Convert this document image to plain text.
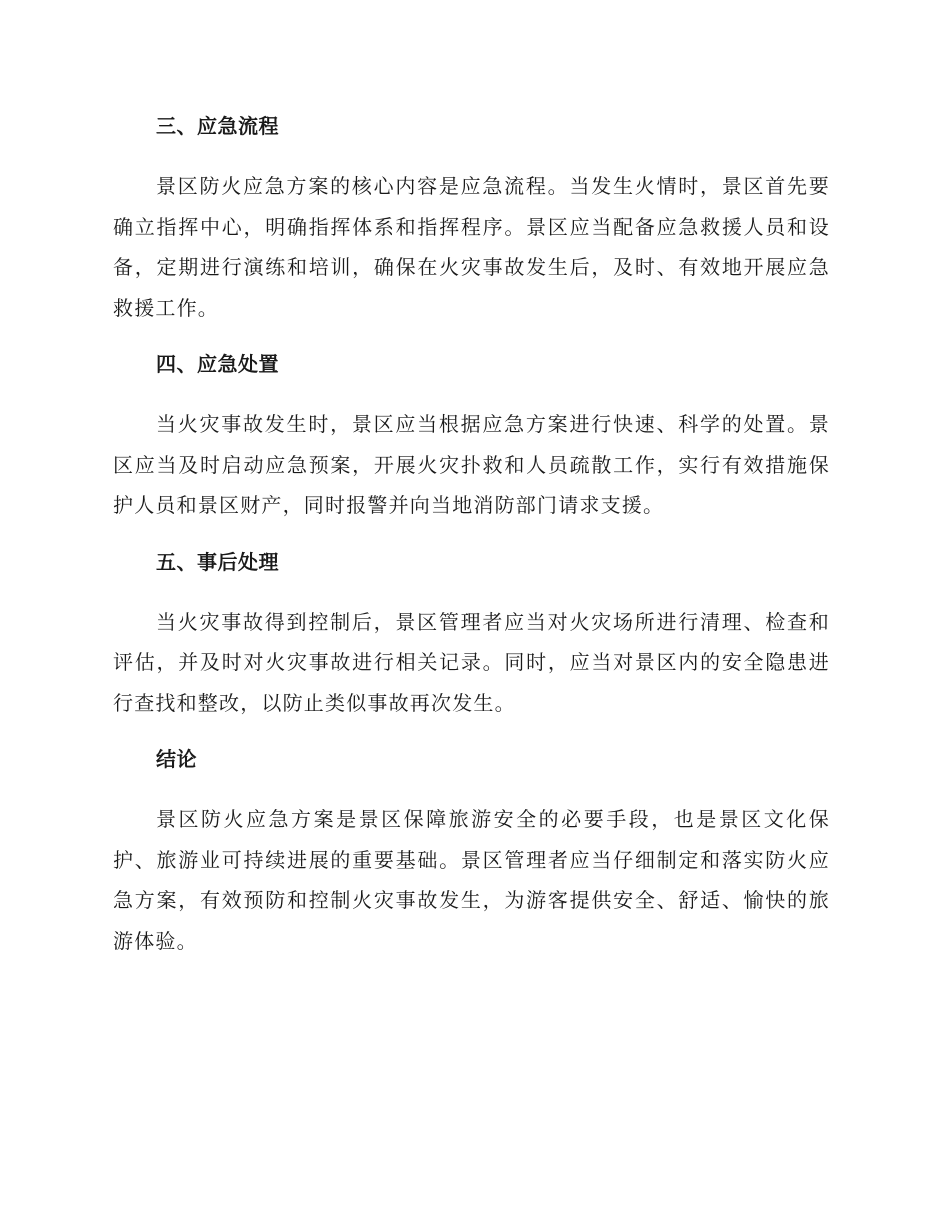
三、应急流程

景区防火应急方案的核心内容是应急流程。当发生火情时，景区首先要确立指挥中心，明确指挥体系和指挥程序。景区应当配备应急救援人员和设备，定期进行演练和培训，确保在火灾事故发生后，及时、有效地开展应急救援工作。

四、应急处置

当火灾事故发生时，景区应当根据应急方案进行快速、科学的处置。景区应当及时启动应急预案，开展火灾扑救和人员疏散工作，实行有效措施保护人员和景区财产，同时报警并向当地消防部门请求支援。

五、事后处理

当火灾事故得到控制后，景区管理者应当对火灾场所进行清理、检查和评估，并及时对火灾事故进行相关记录。同时，应当对景区内的安全隐患进行查找和整改，以防止类似事故再次发生。

结论

景区防火应急方案是景区保障旅游安全的必要手段，也是景区文化保护、旅游业可持续进展的重要基础。景区管理者应当仔细制定和落实防火应急方案，有效预防和控制火灾事故发生，为游客提供安全、舒适、愉快的旅游体验。
